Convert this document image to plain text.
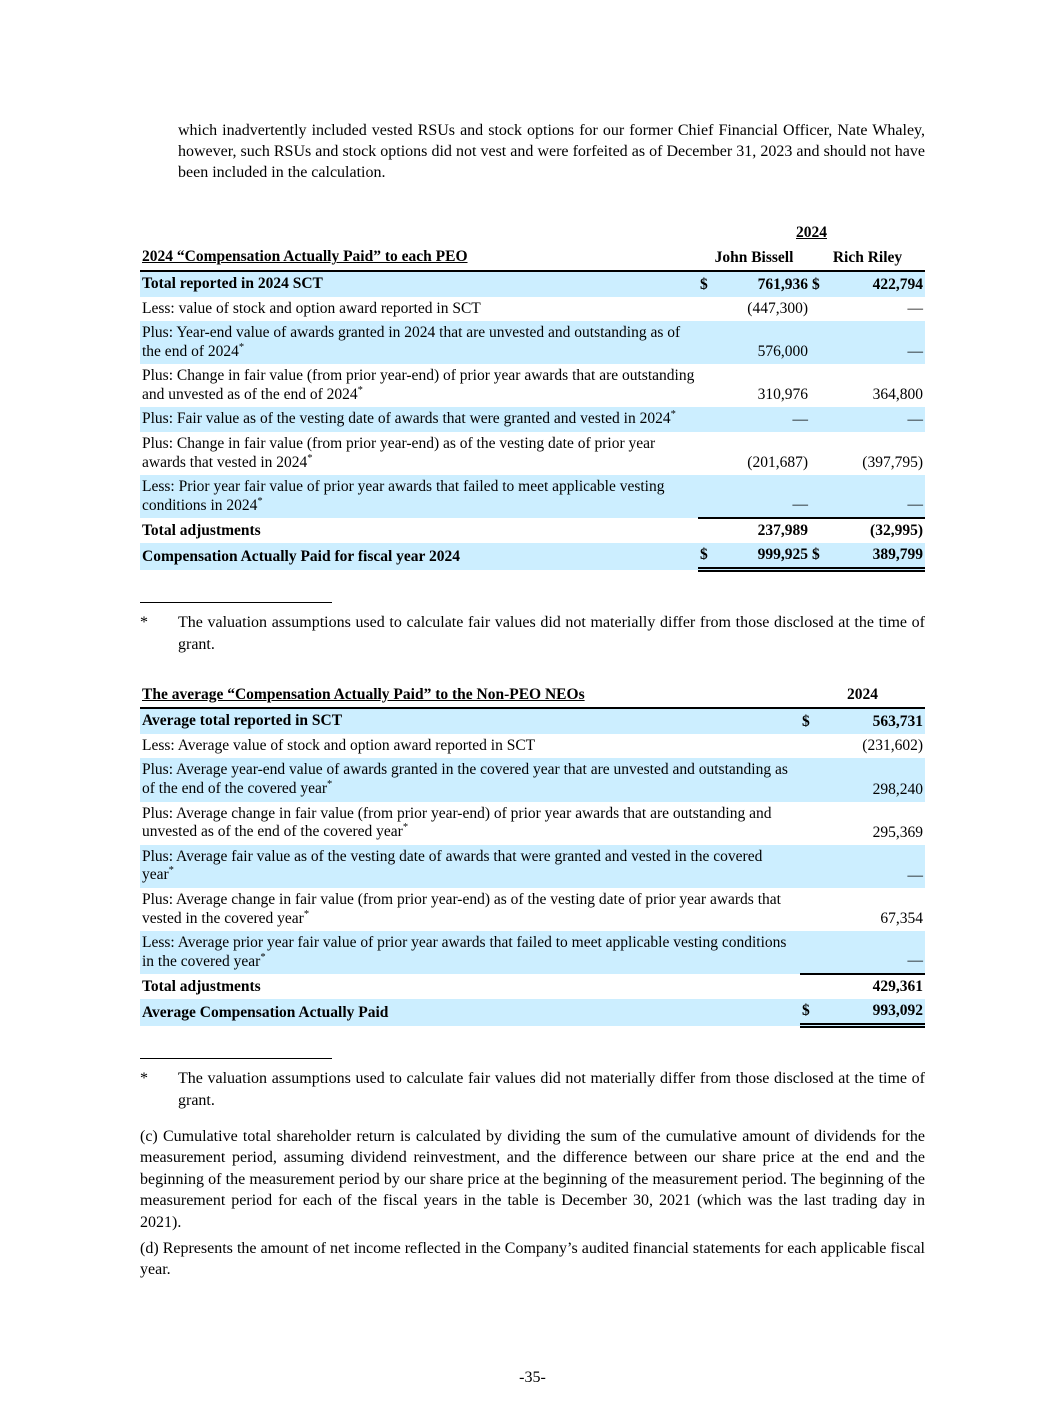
which inadvertently included vested RSUs and stock options for our former Chief Financial Officer, Nate Whaley, however, such RSUs and stock options did not vest and were forfeited as of December 31, 2023 and should not have been included in the calculation.

	2024			
2024 “Compensation Actually Paid” to each PEO	John Bissell		Rich Riley	
Total reported in 2024 SCT	$	761,936	$	422,794
Less: value of stock and option award reported in SCT		(447,300)		—
Plus: Year-end value of awards granted in 2024 that are unvested and outstanding as of the end of 2024*		576,000		—
Plus: Change in fair value (from prior year-end) of prior year awards that are outstanding and unvested as of the end of 2024*		310,976		364,800
Plus: Fair value as of the vesting date of awards that were granted and vested in 2024*		—		—
Plus: Change in fair value (from prior year-end) as of the vesting date of prior year awards that vested in 2024*		(201,687)		(397,795)
Less: Prior year fair value of prior year awards that failed to meet applicable vesting conditions in 2024*		—		—
Total adjustments		237,989		(32,995)
Compensation Actually Paid for fiscal year 2024	$	999,925	$	389,799
* The valuation assumptions used to calculate fair values did not materially differ from those disclosed at the time of grant.
The average “Compensation Actually Paid” to the Non-PEO NEOs	2024	
Average total reported in SCT	$	563,731
Less: Average value of stock and option award reported in SCT		(231,602)
Plus: Average year-end value of awards granted in the covered year that are unvested and outstanding as of the end of the covered year*		298,240
Plus: Average change in fair value (from prior year-end) of prior year awards that are outstanding and unvested as of the end of the covered year*		295,369
Plus: Average fair value as of the vesting date of awards that were granted and vested in the covered year*		—
Plus: Average change in fair value (from prior year-end) as of the vesting date of prior year awards that vested in the covered year*		67,354
Less: Average prior year fair value of prior year awards that failed to meet applicable vesting conditions in the covered year*		—
Total adjustments		429,361
Average Compensation Actually Paid	$	993,092
* The valuation assumptions used to calculate fair values did not materially differ from those disclosed at the time of grant.

(c) Cumulative total shareholder return is calculated by dividing the sum of the cumulative amount of dividends for the measurement period, assuming dividend reinvestment, and the difference between our share price at the end and the beginning of the measurement period by our share price at the beginning of the measurement period. The beginning of the measurement period for each of the fiscal years in the table is December 30, 2021 (which was the last trading day in 2021).

(d) Represents the amount of net income reflected in the Company’s audited financial statements for each applicable fiscal year.

-35-
